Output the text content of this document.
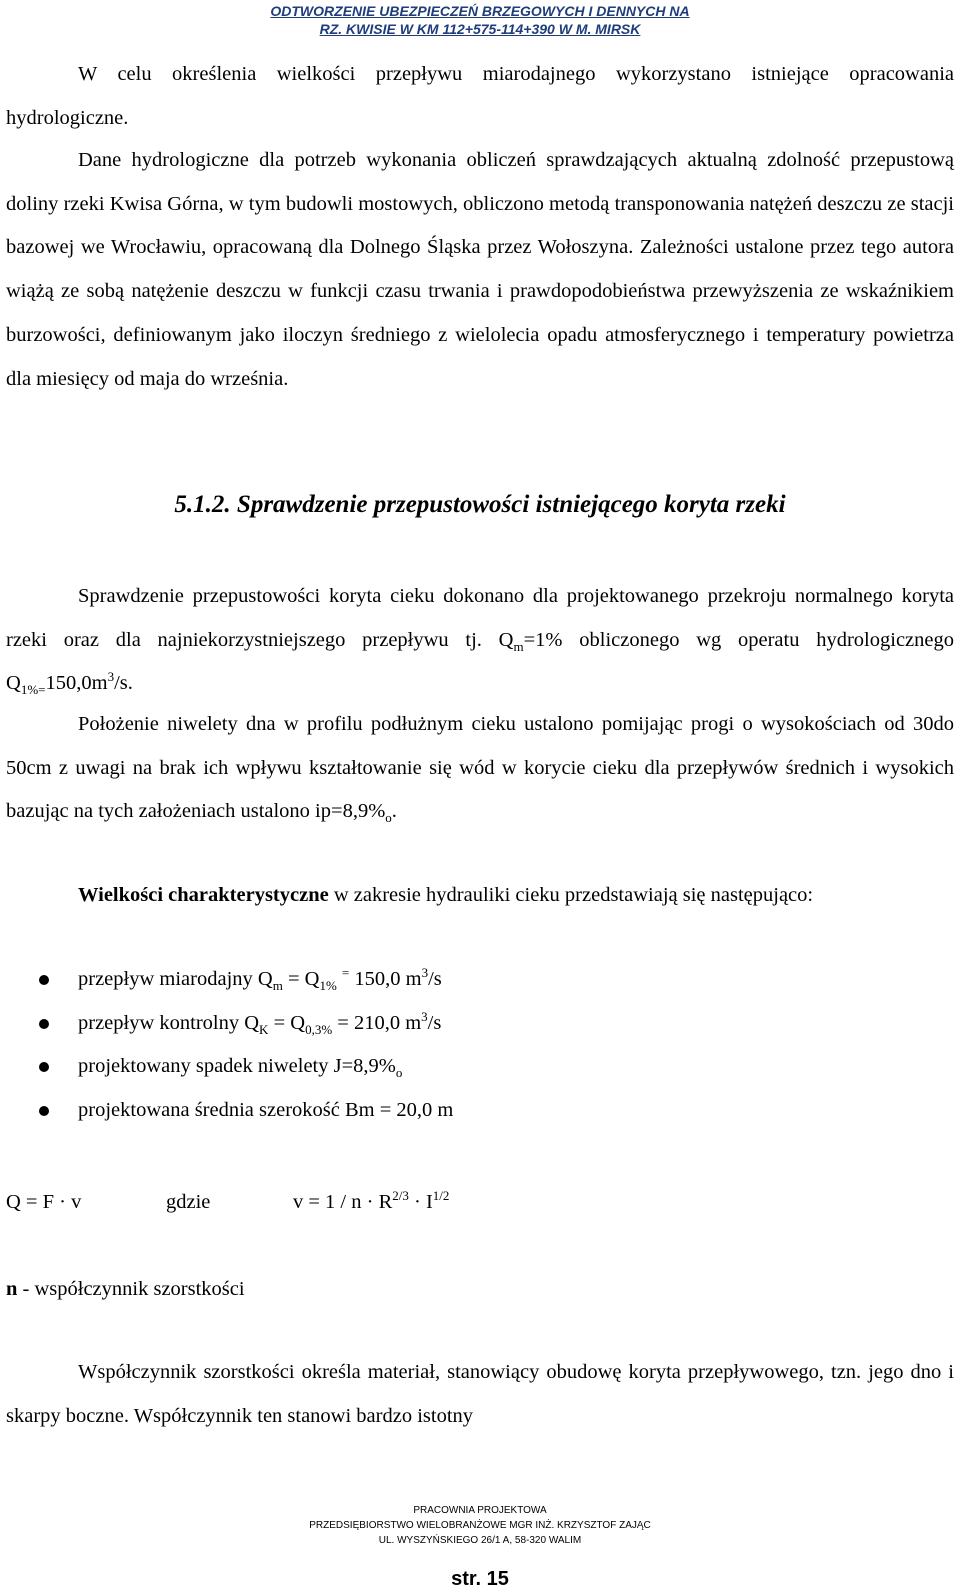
ODTWORZENIE UBEZPIECZEŃ BRZEGOWYCH I DENNYCH NA
RZ. KWISIE W KM 112+575-114+390 W M. MIRSK

W celu określenia wielkości przepływu miarodajnego wykorzystano istniejące opracowania hydrologiczne.

Dane hydrologiczne dla potrzeb wykonania obliczeń sprawdzających aktualną zdolność przepustową doliny rzeki Kwisa Górna, w tym budowli mostowych, obliczono metodą transponowania natężeń deszczu ze stacji bazowej we Wrocławiu, opracowaną dla Dolnego Śląska przez Wołoszyna. Zależności ustalone przez tego autora wiążą ze sobą natężenie deszczu w funkcji czasu trwania i prawdopodobieństwa przewyższenia ze wskaźnikiem burzowości, definiowanym jako iloczyn średniego z wielolecia opadu atmosferycznego i temperatury powietrza dla miesięcy od maja do września.

5.1.2. Sprawdzenie przepustowości istniejącego koryta rzeki

Sprawdzenie przepustowości koryta cieku dokonano dla projektowanego przekroju normalnego koryta rzeki oraz dla najniekorzystniejszego przepływu tj. $Q_m=1\%$ obliczonego wg operatu hydrologicznego $Q_{1\%=}150,0m^3/s$.

Położenie niwelety dna w profilu podłużnym cieku ustalono pomijając progi o wysokościach od 30do 50cm z uwagi na brak ich wpływu kształtowanie się wód w korycie cieku dla przepływów średnich i wysokich bazując na tych założeniach ustalono $ip=8,9\%_o$.

Wielkości charakterystyczne w zakresie hydrauliki cieku przedstawiają się następująco:

przepływ miarodajny $Q_m = Q_{1\%}$ = 150,0 $m^3/s$
przepływ kontrolny $Q_K = Q_{0,3\%} = 210,0$ $m^3/s$
projektowany spadek niwelety $J=8,9\%_o$
projektowana średnia szerokość Bm = 20,0 m
Q = F · v	gdzie	$v = 1 / n \cdot R^{2/3} \cdot I^{1/2}$
n - współczynnik szorstkości

Współczynnik szorstkości określa materiał, stanowiący obudowę koryta przepływowego, tzn. jego dno i skarpy boczne. Współczynnik ten stanowi bardzo istotny

PRACOWNIA PROJEKTOWA
PRZEDSIĘBIORSTWO WIELOBRANŻOWE MGR INŻ. KRZYSZTOF ZAJĄC
UL. WYSZYŃSKIEGO 26/1 A, 58-320 WALIM
str. 15
